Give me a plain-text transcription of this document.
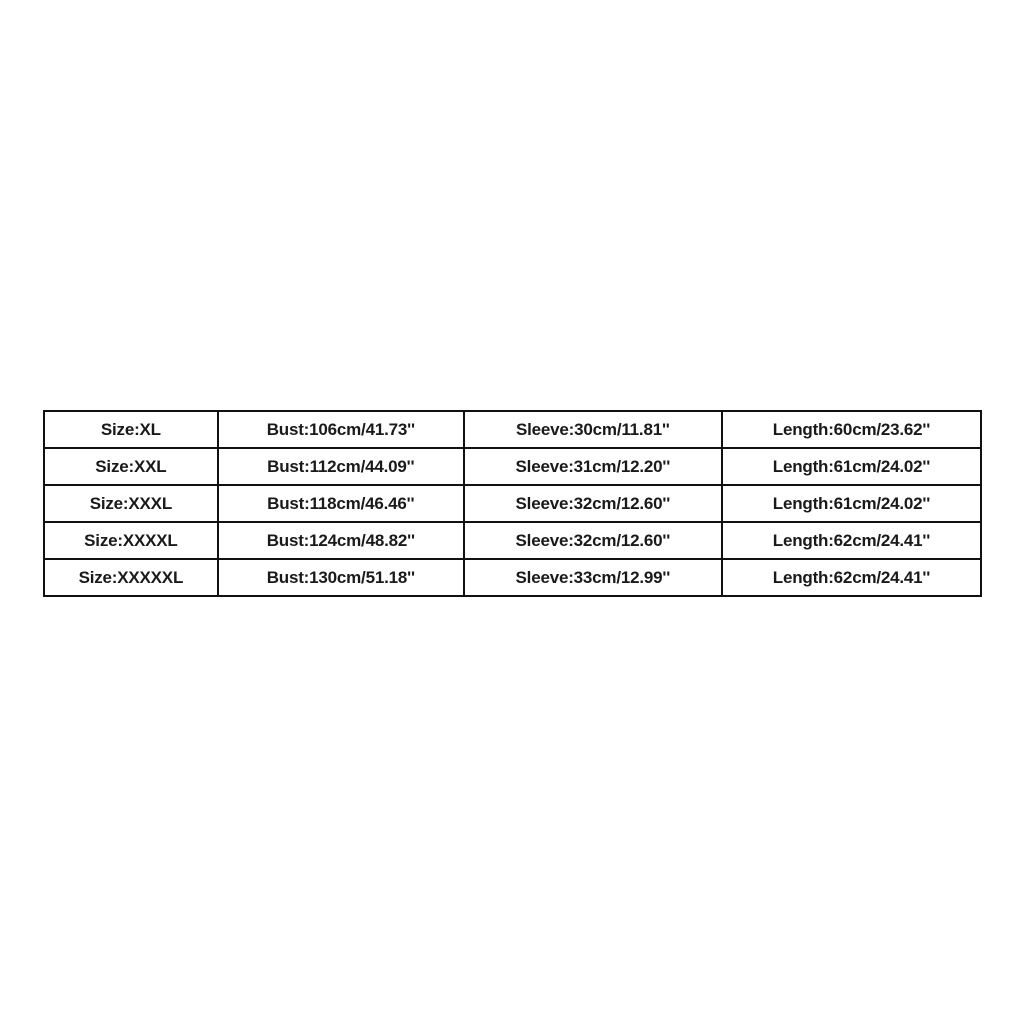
Size:XL	Bust:106cm/41.73''	Sleeve:30cm/11.81''	Length:60cm/23.62''
Size:XXL	Bust:112cm/44.09''	Sleeve:31cm/12.20''	Length:61cm/24.02''
Size:XXXL	Bust:118cm/46.46''	Sleeve:32cm/12.60''	Length:61cm/24.02''
Size:XXXXL	Bust:124cm/48.82''	Sleeve:32cm/12.60''	Length:62cm/24.41''
Size:XXXXXL	Bust:130cm/51.18''	Sleeve:33cm/12.99''	Length:62cm/24.41''
